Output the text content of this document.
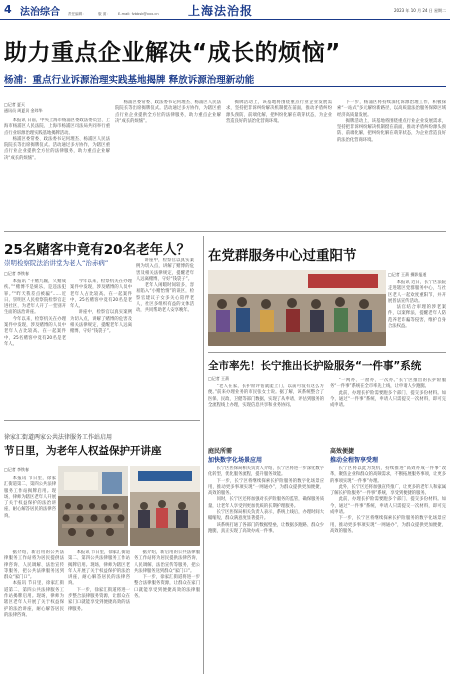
4 法治综合 责任编辑：	版 面： E-mail: fzbbsk@xxx.cn 上海法治报	2023 年 10 月 24 日 星期二
助力重点企业解决“成长的烦恼”
杨浦：重点行业诉源治理实践基地揭牌 释放诉源治理新动能
□记者 夏天
通讯员 周夏贝 金玮华

本报讯 日前，中央上海市杨浦区委政法委员会、上海市杨浦区人民法院、上海市杨浦区司法局共同举行重点行业诉源治理实践基地揭牌活动。

杨浦区委常委、政法委书记何理杰、杨浦区人民法院院长等出席揭牌仪式。活动通过多方协作，为辖区重点行业企业提供全方位的法律服务，助力重点企业解决“成长的烦恼”。

杨浦区委常委、政法委书记何理杰、杨浦区人民法院院长等出席揭牌仪式。活动通过多方协作，为辖区重点行业企业提供全方位的法律服务，助力重点企业解决“成长的烦恼”。

揭牌活动上，该基地将围绕重点行业企业发展需求，坚持把非诉纠纷解决机制挺在前面，推动矛盾纠纷源头预防、前端化解，把纠纷化解在萌芽状态，为企业营造良好的法治化营商环境。

下一步，杨浦区将持续深化诉源治理工作，积极探索“一站式”多元解纷新路径，以高质量法治服务保障区域经济高质量发展。

揭牌活动上，该基地将围绕重点行业企业发展需求，坚持把非诉纠纷解决机制挺在前面，推动矛盾纠纷源头预防、前端化解，把纠纷化解在萌芽状态，为企业营造良好的法治化营商环境。

25名赌客中竟有20名老年人？
崇明检察院法治讲堂为老人“治赤病”
□记者 李铁春

本报讯 “千赌九输，久赌成疾。”“赌博不是娱乐，是违法犯罪。”“昨天我差点被骗”……近日，崇明区人民检察院检察官走进社区，为老年人开了一堂别开生面的法治讲座。

今年以来，检察机关在办理案件中发现，涉及赌博的人员中老年人占比较高。在一起案件中，25名赌客中竟有20名是老年人。

今年以来，检察机关在办理案件中发现，涉及赌博的人员中老年人占比较高。在一起案件中，25名赌客中竟有20名是老年人。

讲座中，检察官以真实案例为切入点，讲解了赌博的危害及相关法律规定，提醒老年人远离赌博，守好“钱袋子”。

讲座中，检察官以真实案例为切入点，讲解了赌博的危害及相关法律规定，提醒老年人远离赌博，守好“钱袋子”。

老年人闲暇时间较多，容易陷入“小赌怡情”的误区，检察官建议子女多关心陪伴老人，社区多组织有益的文体活动，共同帮助老人安享晚年。

徐家汇街道两家公共法律服务工作站启用
节日里，为老年人权益保护开讲座
□记者 李铁春

本报讯 节日里，徐家汇街道第二、第四公共法律服务工作站揭牌启用。现场，律师为辖区老年人开展了关于权益保护的法治讲座，耐心解答居民的法律咨询。

据介绍，新启用的公共法律服务工作站将为居民提供法律咨询、人民调解、法治宣传等服务，把公共法律服务送到群众“家门口”。

本报讯 节日里，徐家汇街道第二、第四公共法律服务工作站揭牌启用。现场，律师为辖区老年人开展了关于权益保护的法治讲座，耐心解答居民的法律咨询。

本报讯 节日里，徐家汇街道第二、第四公共法律服务工作站揭牌启用。现场，律师为辖区老年人开展了关于权益保护的法治讲座，耐心解答居民的法律咨询。

下一步，徐家汇街道将进一步整合法律服务资源，让群众在家门口就能享受到便捷高效的法律服务。

据介绍，新启用的公共法律服务工作站将为居民提供法律咨询、人民调解、法治宣传等服务，把公共法律服务送到群众“家门口”。

下一步，徐家汇街道将进一步整合法律服务资源，让群众在家门口就能享受到便捷高效的法律服务。

在党群服务中心过重阳节
□记者 王萧 摄影报道

本报讯 近日，长宁区法院走进辖区党群服务中心，与社区老人一起欢度重阳节，并开展普法宣传活动。

法官结合审理的涉老案件，以案释法，提醒老年人防范养老诈骗等侵害，维护自身合法权益。

全市率先！长宁推出长护险服务“一件事”系统
□记者 王萧

“老人在家，长护险评估就能上门，以前可没有这么方便。”前来办理业务的市民张女士说。据了解，该系统整合了医保、民政、卫健等部门数据，实现了从申请、评估到服务的全流程线上办理，实现信息共享和业务协同。

“一网办、一窗办、一次办。”长宁区推出的长护险服务“一件事”系统在全市率先上线，让申请人少跑腿。

此前，办理长护险需要跑多个部门、提交多份材料。如今，通过“一件事”系统，申请人只需提交一次材料，即可完成申请。

庭民所需
加快数字化场景应用

长宁区医保局相关负责人介绍，长宁区将进一步深化数字化转型，优化服务流程，提升服务效能。

下一步，长宁区将继续探索长护险服务的数字化场景应用，推动更多事项实现“一网通办”，为群众提供更加便捷、高效的服务。

同时，长宁区还将加强对长护险服务的监管，确保服务质量，让老年人享受到更加优质的长期护理服务。

长宁区医保局相关负责人表示，系统上线后，办理时间大幅缩短，群众满意度显著提升。

该系统打通了各部门的数据壁垒，让数据多跑路、群众少跑腿，真正实现了高效办成一件事。

高效便捷
推动全程智享受理

长宁区将以此为契机，持续推进“高效办成一件事”改革，聚焦企业和群众的高频需求，不断拓展服务事项，让更多的事项实现“一件事”办理。

此外，长宁区还将加强宣传推广，让更多的老年人和家属了解长护险服务“一件事”系统，享受到便捷的服务。

此前，办理长护险需要跑多个部门、提交多份材料。如今，通过“一件事”系统，申请人只需提交一次材料，即可完成申请。

下一步，长宁区将继续探索长护险服务的数字化场景应用，推动更多事项实现“一网通办”，为群众提供更加便捷、高效的服务。
